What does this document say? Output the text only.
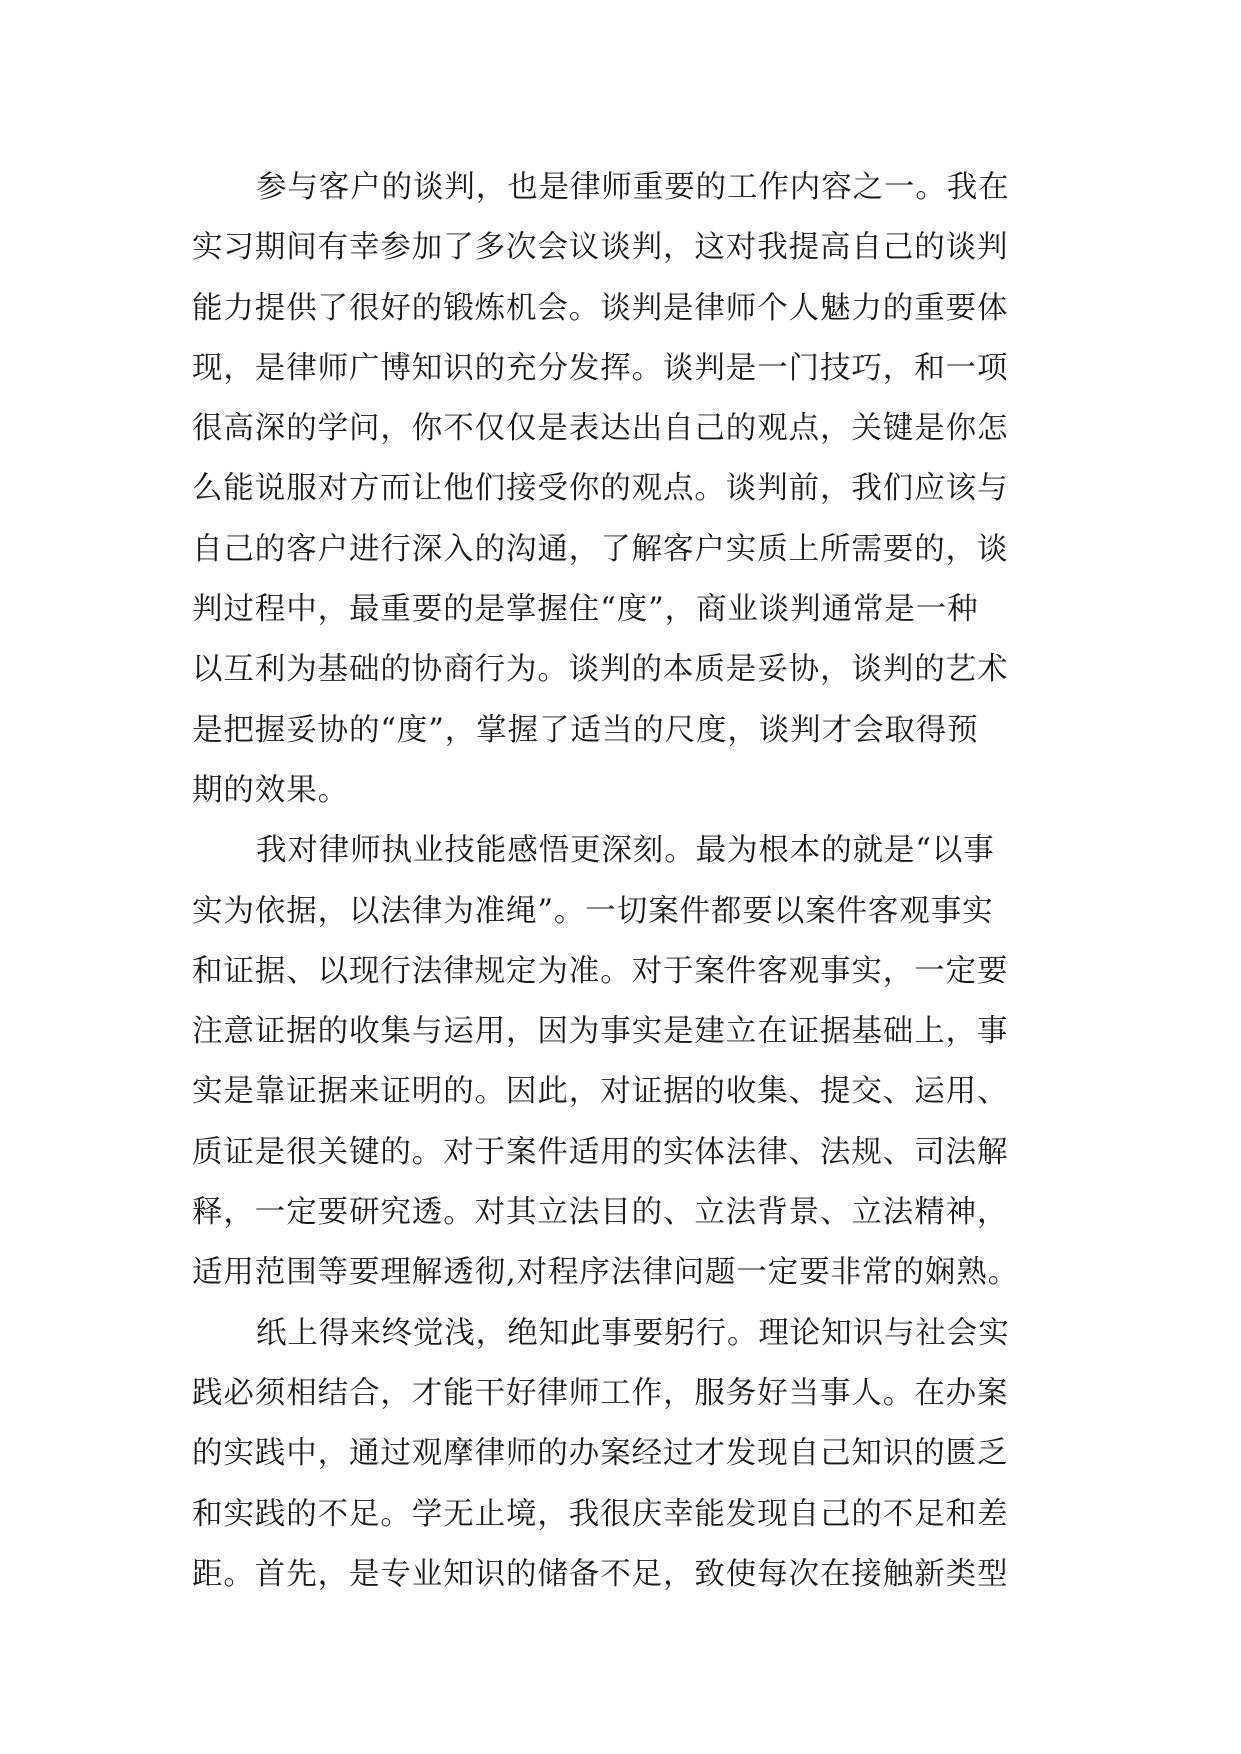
参与客户的谈判，也是律师重要的工作内容之一。我在
实习期间有幸参加了多次会议谈判，这对我提高自己的谈判
能力提供了很好的锻炼机会。谈判是律师个人魅力的重要体
现，是律师广博知识的充分发挥。谈判是一门技巧，和一项
很高深的学问，你不仅仅是表达出自己的观点，关键是你怎
么能说服对方而让他们接受你的观点。谈判前，我们应该与
自己的客户进行深入的沟通，了解客户实质上所需要的，谈
判过程中，最重要的是掌握住“度”，商业谈判通常是一种
以互利为基础的协商行为。谈判的本质是妥协，谈判的艺术
是把握妥协的“度”，掌握了适当的尺度，谈判才会取得预
期的效果。
我对律师执业技能感悟更深刻。最为根本的就是“以事
实为依据，以法律为准绳”。一切案件都要以案件客观事实
和证据、以现行法律规定为准。对于案件客观事实，一定要
注意证据的收集与运用，因为事实是建立在证据基础上，事
实是靠证据来证明的。因此，对证据的收集、提交、运用、
质证是很关键的。对于案件适用的实体法律、法规、司法解
释，一定要研究透。对其立法目的、立法背景、立法精神，
适用范围等要理解透彻,对程序法律问题一定要非常的娴熟。
纸上得来终觉浅，绝知此事要躬行。理论知识与社会实
践必须相结合，才能干好律师工作，服务好当事人。在办案
的实践中，通过观摩律师的办案经过才发现自己知识的匮乏
和实践的不足。学无止境，我很庆幸能发现自己的不足和差
距。首先，是专业知识的储备不足，致使每次在接触新类型
